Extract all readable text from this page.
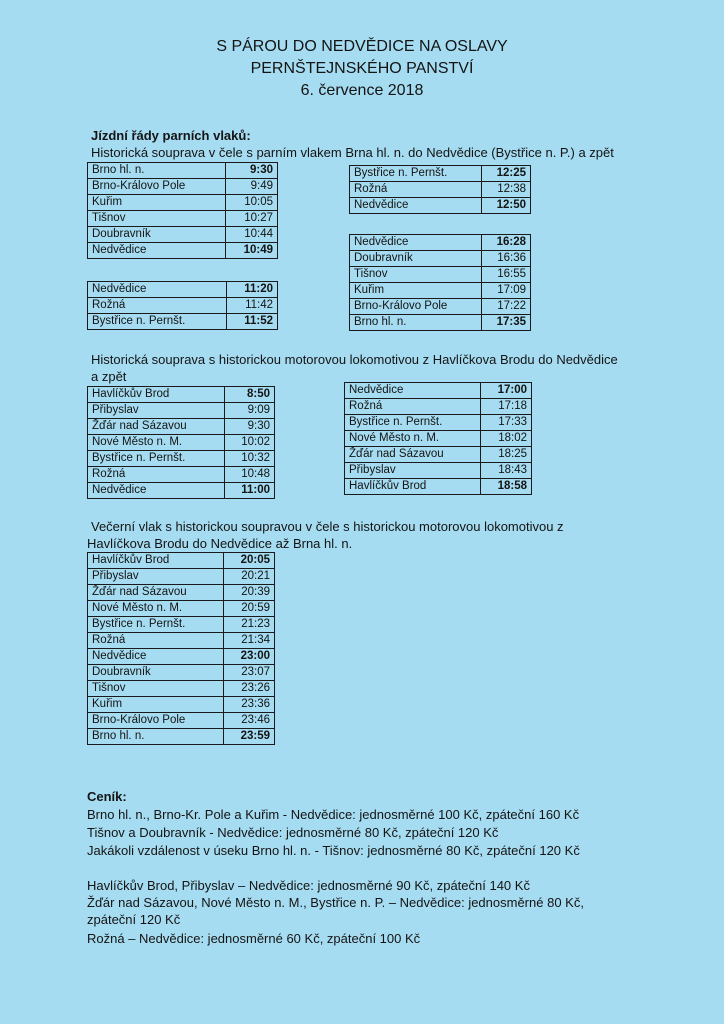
S PÁROU DO NEDVĚDICE NA OSLAVY
PERNŠTEJNSKÉHO PANSTVÍ
6. července 2018
Jízdní řády parních vlaků:
Historická souprava v čele s parním vlakem Brna hl. n. do Nedvědice (Bystřice n. P.) a zpět
Brno hl. n.	9:30
Brno-Královo Pole	9:49
Kuřim	10:05
Tišnov	10:27
Doubravník	10:44
Nedvědice	10:49
Nedvědice	11:20
Rožná	11:42
Bystřice n. Pernšt.	11:52
Bystřice n. Pernšt.	12:25
Rožná	12:38
Nedvědice	12:50
Nedvědice	16:28
Doubravník	16:36
Tišnov	16:55
Kuřim	17:09
Brno-Královo Pole	17:22
Brno hl. n.	17:35
Historická souprava s historickou motorovou lokomotivou z Havlíčkova Brodu do Nedvědice
a zpět
Havlíčkův Brod	8:50
Přibyslav	9:09
Žďár nad Sázavou	9:30
Nové Město n. M.	10:02
Bystřice n. Pernšt.	10:32
Rožná	10:48
Nedvědice	11:00
Nedvědice	17:00
Rožná	17:18
Bystřice n. Pernšt.	17:33
Nové Město n. M.	18:02
Žďár nad Sázavou	18:25
Přibyslav	18:43
Havlíčkův Brod	18:58
Večerní vlak s historickou soupravou v čele s historickou motorovou lokomotivou z
Havlíčkova Brodu do Nedvědice až Brna hl. n.
Havlíčkův Brod	20:05
Přibyslav	20:21
Žďár nad Sázavou	20:39
Nové Město n. M.	20:59
Bystřice n. Pernšt.	21:23
Rožná	21:34
Nedvědice	23:00
Doubravník	23:07
Tišnov	23:26
Kuřim	23:36
Brno-Královo Pole	23:46
Brno hl. n.	23:59
Ceník:
Brno hl. n., Brno-Kr. Pole a Kuřim - Nedvědice: jednosměrné 100 Kč, zpáteční 160 Kč
Tišnov a Doubravník - Nedvědice: jednosměrné 80 Kč, zpáteční 120 Kč
Jakákoli vzdálenost v úseku Brno hl. n. - Tišnov: jednosměrné 80 Kč, zpáteční 120 Kč
Havlíčkův Brod, Přibyslav – Nedvědice: jednosměrné 90 Kč, zpáteční 140 Kč
Žďár nad Sázavou, Nové Město n. M., Bystřice n. P. – Nedvědice: jednosměrné 80 Kč,
zpáteční 120 Kč
Rožná – Nedvědice: jednosměrné 60 Kč, zpáteční 100 Kč
